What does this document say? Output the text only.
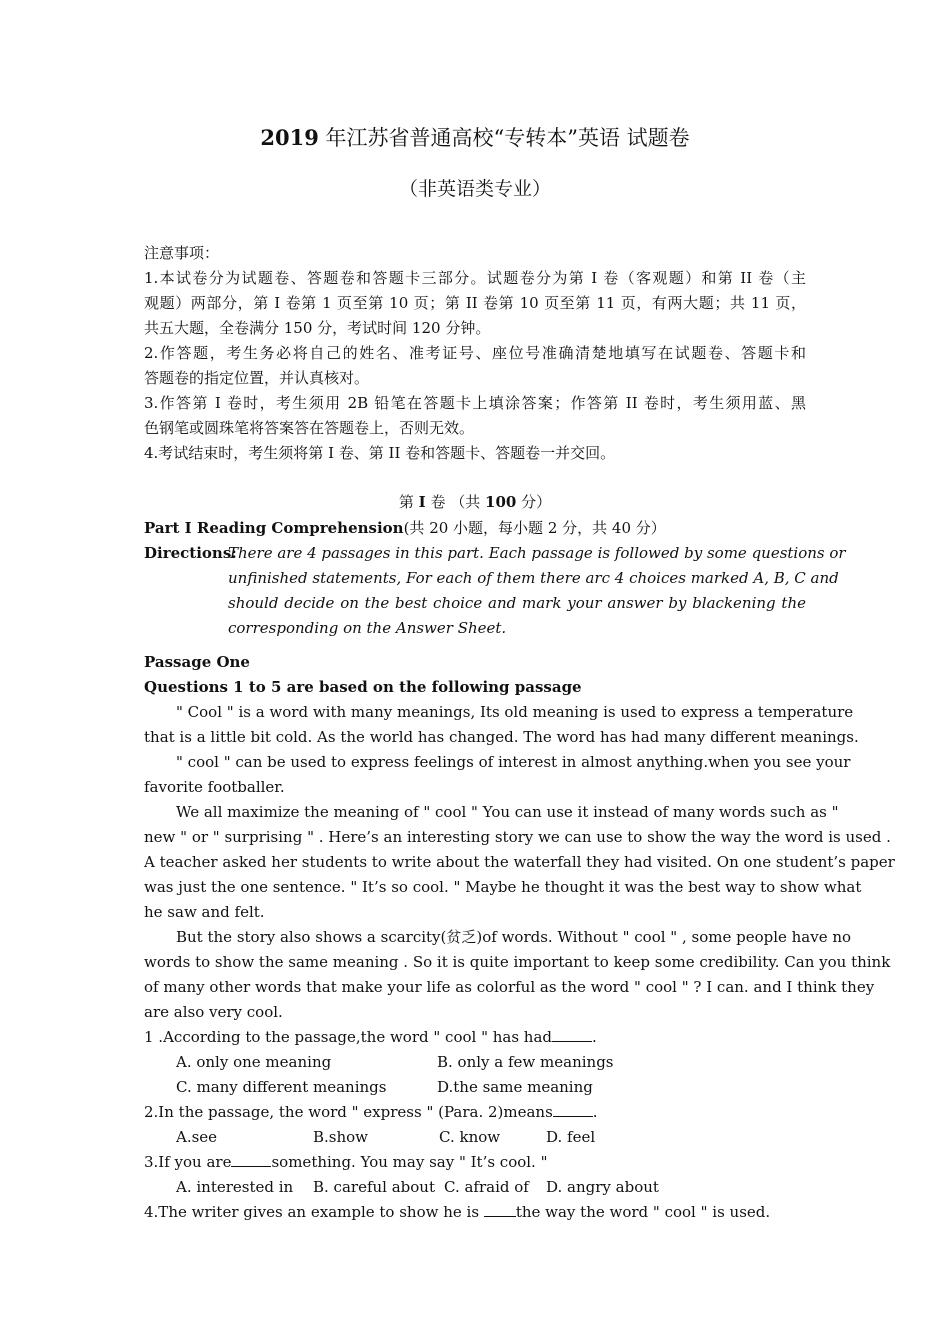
2019 年江苏省普通高校“专转本”英语 试题卷
（非英语类专业）
注意事项：
1.本试卷分为试题卷、答题卷和答题卡三部分。试题卷分为第 I 卷（客观题）和第 II 卷（主
观题）两部分，第 I 卷第 1 页至第 10 页；第 II 卷第 10 页至第 11 页，有两大题；共 11 页，
共五大题，全卷满分 150 分，考试时间 120 分钟。
2.作答题，考生务必将自己的姓名、准考证号、座位号准确清楚地填写在试题卷、答题卡和
答题卷的指定位置，并认真核对。
3.作答第 I 卷时，考生须用 2B 铅笔在答题卡上填涂答案；作答第 II 卷时，考生须用蓝、黑
色钢笔或圆珠笔将答案答在答题卷上，否则无效。
4.考试结束时，考生须将第 I 卷、第 II 卷和答题卡、答题卷一并交回。
第 I 卷 （共 100 分）
Part I Reading Comprehension(共 20 小题，每小题 2 分，共 40 分）
Directions:
There are 4 passages in this part. Each passage is followed by some questions or
unfinished statements, For each of them there arc 4 choices marked A, B, C and
should decide on the best choice and mark your answer by blackening the
corresponding on the Answer Sheet.
Passage One
Questions 1 to 5 are based on the following passage
" Cool " is a word with many meanings, Its old meaning is used to express a temperature
that is a little bit cold. As the world has changed. The word has had many different meanings.
" cool " can be used to express feelings of interest in almost anything.when you see your
favorite footballer.
We all maximize the meaning of " cool " You can use it instead of many words such as "
new " or " surprising " . Here’s an interesting story we can use to show the way the word is used .
A teacher asked her students to write about the waterfall they had visited. On one student’s paper
was just the one sentence. " It’s so cool. " Maybe he thought it was the best way to show what
he saw and felt.
But the story also shows a scarcity(贫乏)of words. Without " cool " , some people have no
words to show the same meaning . So it is quite important to keep some credibility. Can you think
of many other words that make your life as colorful as the word " cool " ? I can. and I think they
are also very cool.
1 .According to the passage,the word " cool " has had	.
A. only one meaning	B. only a few meanings
C. many different meanings	D.the same meaning
2.In the passage, the word " express " (Para. 2)means	.
A.see	B.show	C. know	D. feel
3.If you are	something. You may say " It’s cool. "
A. interested in B. careful about C. afraid of D. angry about
4.The writer gives an example to show he is the way the word " cool " is used.
